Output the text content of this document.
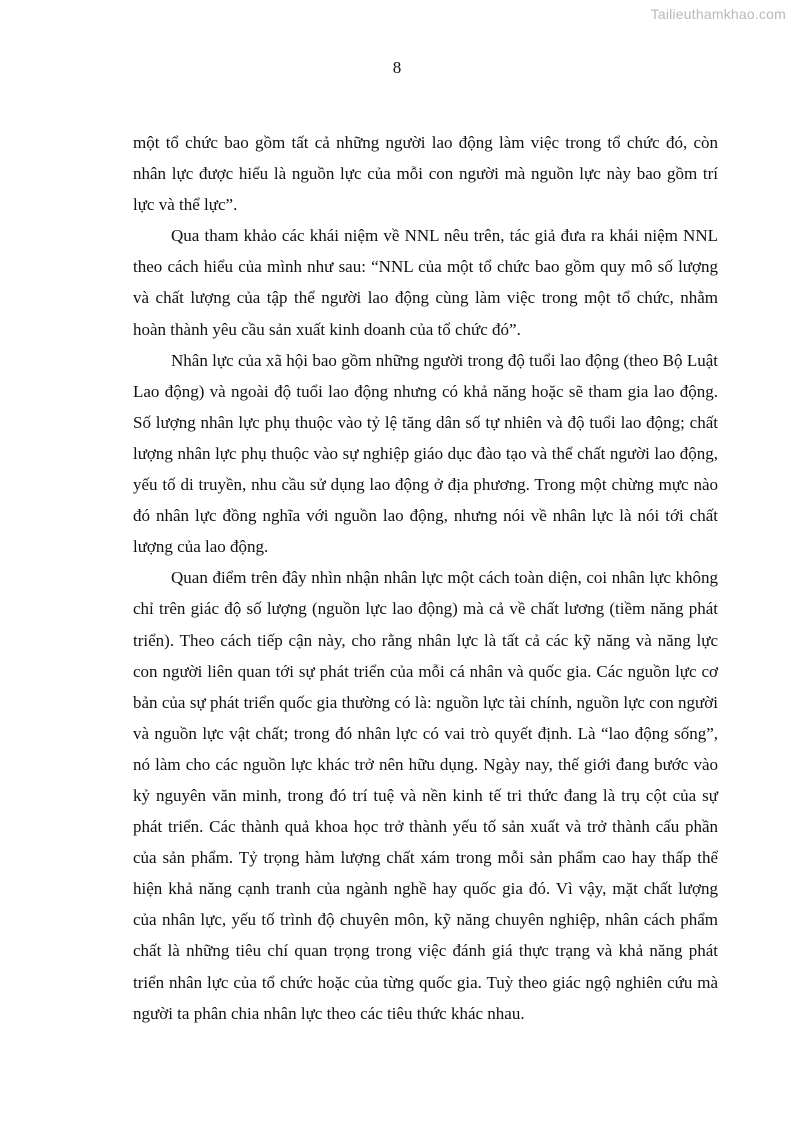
Tailieuthamkhao.com
8

một tổ chức bao gồm tất cả những người lao động làm việc trong tổ chức đó, còn nhân lực được hiểu là nguồn lực của mỗi con người mà nguồn lực này bao gồm trí lực và thể lực”.

Qua tham khảo các khái niệm về NNL nêu trên, tác giả đưa ra khái niệm NNL theo cách hiểu của mình như sau: “NNL của một tổ chức bao gồm quy mô số lượng và chất lượng của tập thể người lao động cùng làm việc trong một tổ chức, nhằm hoàn thành yêu cầu sản xuất kinh doanh của tổ chức đó”.

Nhân lực của xã hội bao gồm những người trong độ tuổi lao động (theo Bộ Luật Lao động) và ngoài độ tuổi lao động nhưng có khả năng hoặc sẽ tham gia lao động. Số lượng nhân lực phụ thuộc vào tỷ lệ tăng dân số tự nhiên và độ tuổi lao động; chất lượng nhân lực phụ thuộc vào sự nghiệp giáo dục đào tạo và thể chất người lao động, yếu tố di truyền, nhu cầu sử dụng lao động ở địa phương. Trong một chừng mực nào đó nhân lực đồng nghĩa với nguồn lao động, nhưng nói về nhân lực là nói tới chất lượng của lao động.

Quan điểm trên đây nhìn nhận nhân lực một cách toàn diện, coi nhân lực không chỉ trên giác độ số lượng (nguồn lực lao động) mà cả về chất lương (tiềm năng phát triển). Theo cách tiếp cận này, cho rằng nhân lực là tất cả các kỹ năng và năng lực con người liên quan tới sự phát triển của mỗi cá nhân và quốc gia. Các nguồn lực cơ bản của sự phát triển quốc gia thường có là: nguồn lực tài chính, nguồn lực con người và nguồn lực vật chất; trong đó nhân lực có vai trò quyết định. Là “lao động sống”, nó làm cho các nguồn lực khác trở nên hữu dụng. Ngày nay, thế giới đang bước vào kỷ nguyên văn minh, trong đó trí tuệ và nền kinh tế tri thức đang là trụ cột của sự phát triển. Các thành quả khoa học trở thành yếu tố sản xuất và trở thành cấu phần của sản phẩm. Tỷ trọng hàm lượng chất xám trong mỗi sản phẩm cao hay thấp thể hiện khả năng cạnh tranh của ngành nghề hay quốc gia đó. Vì vậy, mặt chất lượng của nhân lực, yếu tố trình độ chuyên môn, kỹ năng chuyên nghiệp, nhân cách phẩm chất là những tiêu chí quan trọng trong việc đánh giá thực trạng và khả năng phát triển nhân lực của tổ chức hoặc của từng quốc gia. Tuỳ theo giác ngộ nghiên cứu mà người ta phân chia nhân lực theo các tiêu thức khác nhau.
